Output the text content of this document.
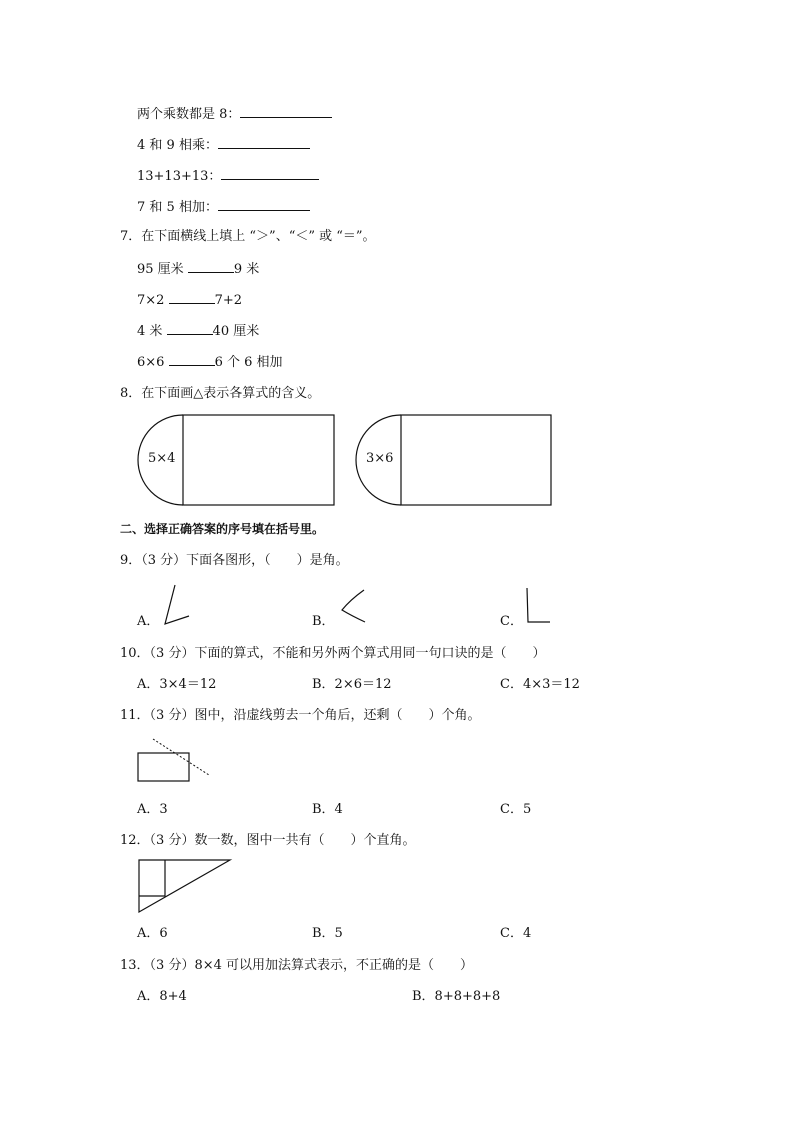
两个乘数都是 8：
4 和 9 相乘：
13+13+13：
7 和 5 相加：
7．在下面横线上填上 “＞”、“＜” 或 “＝”。
95 厘米	9 米
7×2	7+2
4 米	40 厘米
6×6	6 个 6 相加
8．在下面画△表示各算式的含义。
5×4	3×6
二、选择正确答案的序号填在括号里。
9．（3 分）下面各图形，（　　）是角。
A．	B．	C．
10．（3 分）下面的算式，不能和另外两个算式用同一句口诀的是（　　）
A．3×4＝12	B．2×6＝12	C．4×3＝12
11．（3 分）图中，沿虚线剪去一个角后，还剩（　　）个角。
A．3	B．4	C．5
12．（3 分）数一数，图中一共有（　　）个直角。
A．6	B．5	C．4
13．（3 分）8×4 可以用加法算式表示，不正确的是（　　）
A．8+4	B．8+8+8+8
